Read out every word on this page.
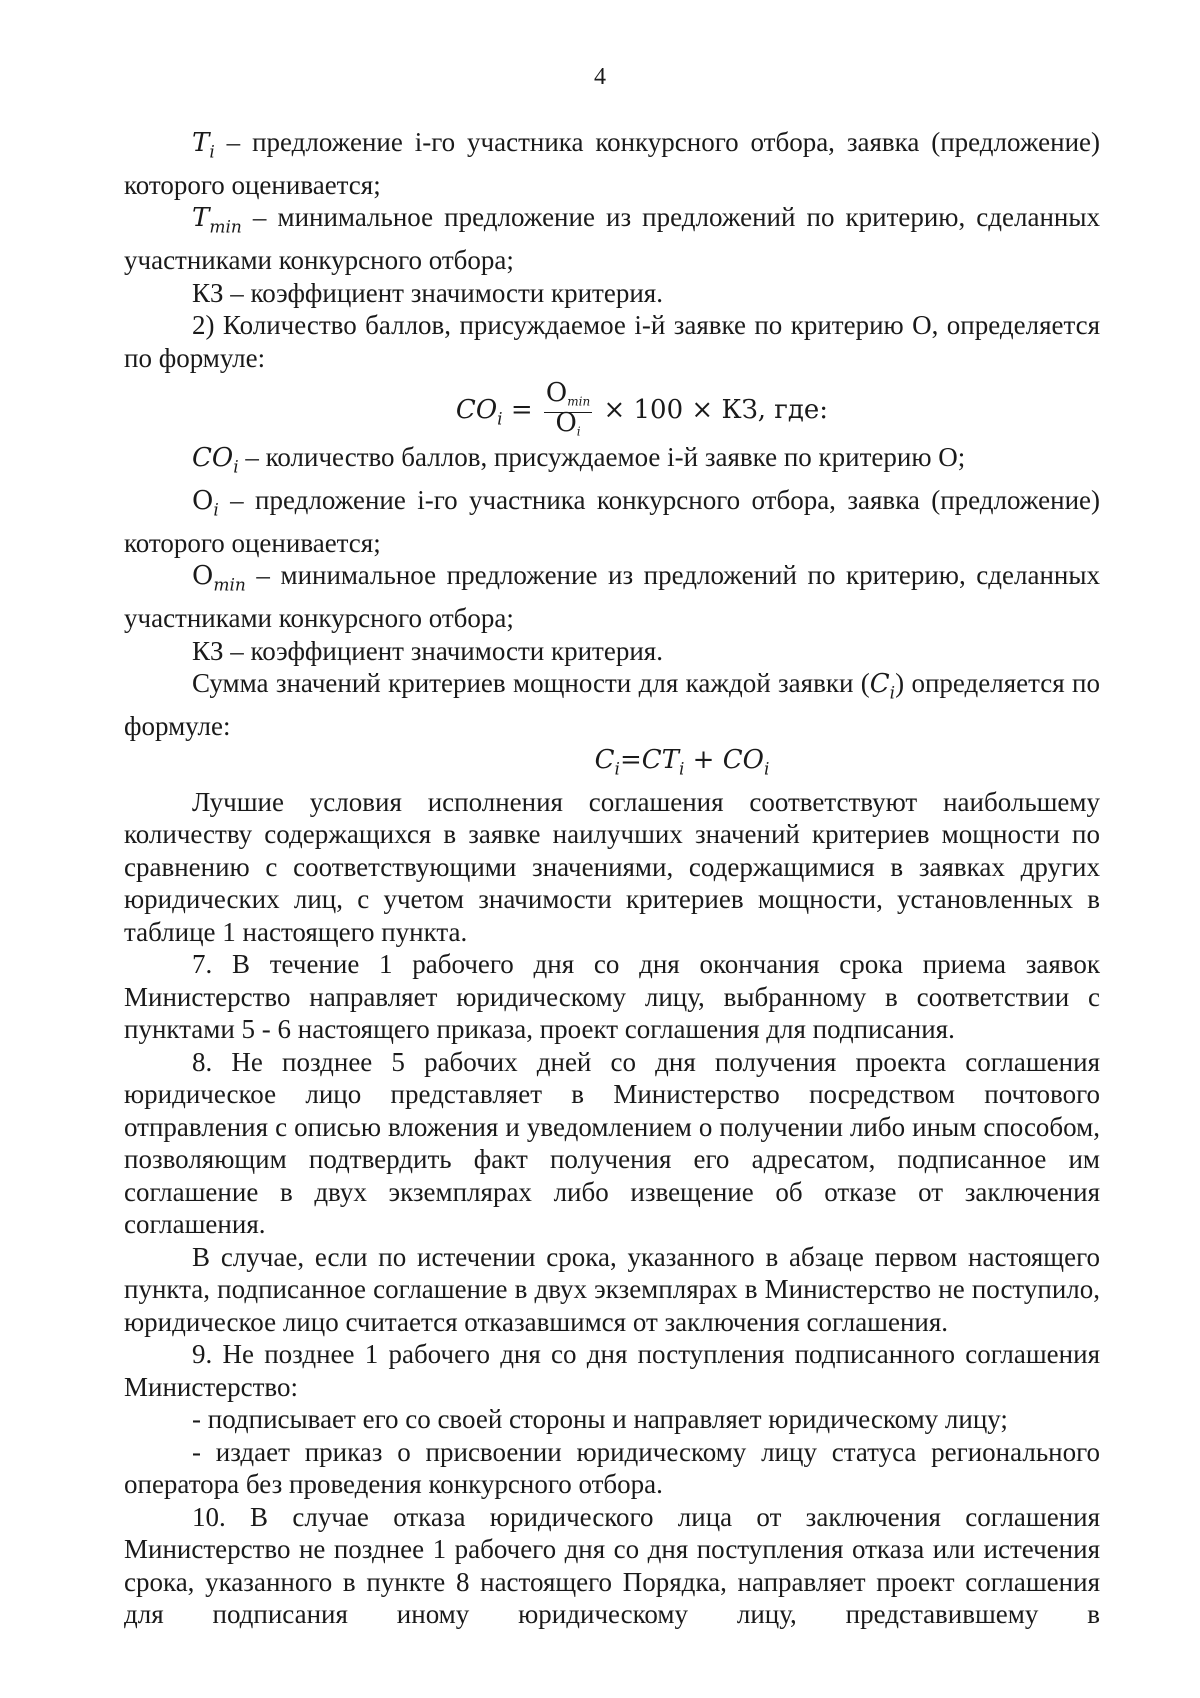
4

$T_i$ – предложение i-го участника конкурсного отбора, заявка (предложение) которого оценивается;

$T_{min}$ – минимальное предложение из предложений по критерию, сделанных участниками конкурсного отбора;

КЗ – коэффициент значимости критерия.

2) Количество баллов, присуждаемое i-й заявке по критерию О, определяется по формуле:

$CO_i = \frac{O_{min}}{O_i} \times 100$ × КЗ, где:

$CO_i$ – количество баллов, присуждаемое i-й заявке по критерию О;

$O_i$ – предложение i-го участника конкурсного отбора, заявка (предложение) которого оценивается;

$O_{min}$ – минимальное предложение из предложений по критерию, сделанных участниками конкурсного отбора;

КЗ – коэффициент значимости критерия.

Сумма значений критериев мощности для каждой заявки $(C_i)$ определяется по формуле:

$C_i=CT_i + CO_i$

Лучшие условия исполнения соглашения соответствуют наибольшему количеству содержащихся в заявке наилучших значений критериев мощности по сравнению с соответствующими значениями, содержащимися в заявках других юридических лиц, с учетом значимости критериев мощности, установленных в таблице 1 настоящего пункта.

7. В течение 1 рабочего дня со дня окончания срока приема заявок Министерство направляет юридическому лицу, выбранному в соответствии с пунктами 5 - 6 настоящего приказа, проект соглашения для подписания.

8. Не позднее 5 рабочих дней со дня получения проекта соглашения юридическое лицо представляет в Министерство посредством почтового отправления с описью вложения и уведомлением о получении либо иным способом, позволяющим подтвердить факт получения его адресатом, подписанное им соглашение в двух экземплярах либо извещение об отказе от заключения соглашения.

В случае, если по истечении срока, указанного в абзаце первом настоящего пункта, подписанное соглашение в двух экземплярах в Министерство не поступило, юридическое лицо считается отказавшимся от заключения соглашения.

9. Не позднее 1 рабочего дня со дня поступления подписанного соглашения Министерство:

- подписывает его со своей стороны и направляет юридическому лицу;

- издает приказ о присвоении юридическому лицу статуса регионального оператора без проведения конкурсного отбора.

10. В случае отказа юридического лица от заключения соглашения Министерство не позднее 1 рабочего дня со дня поступления отказа или истечения срока, указанного в пункте 8 настоящего Порядка, направляет проект соглашения для подписания иному юридическому лицу, представившему в
